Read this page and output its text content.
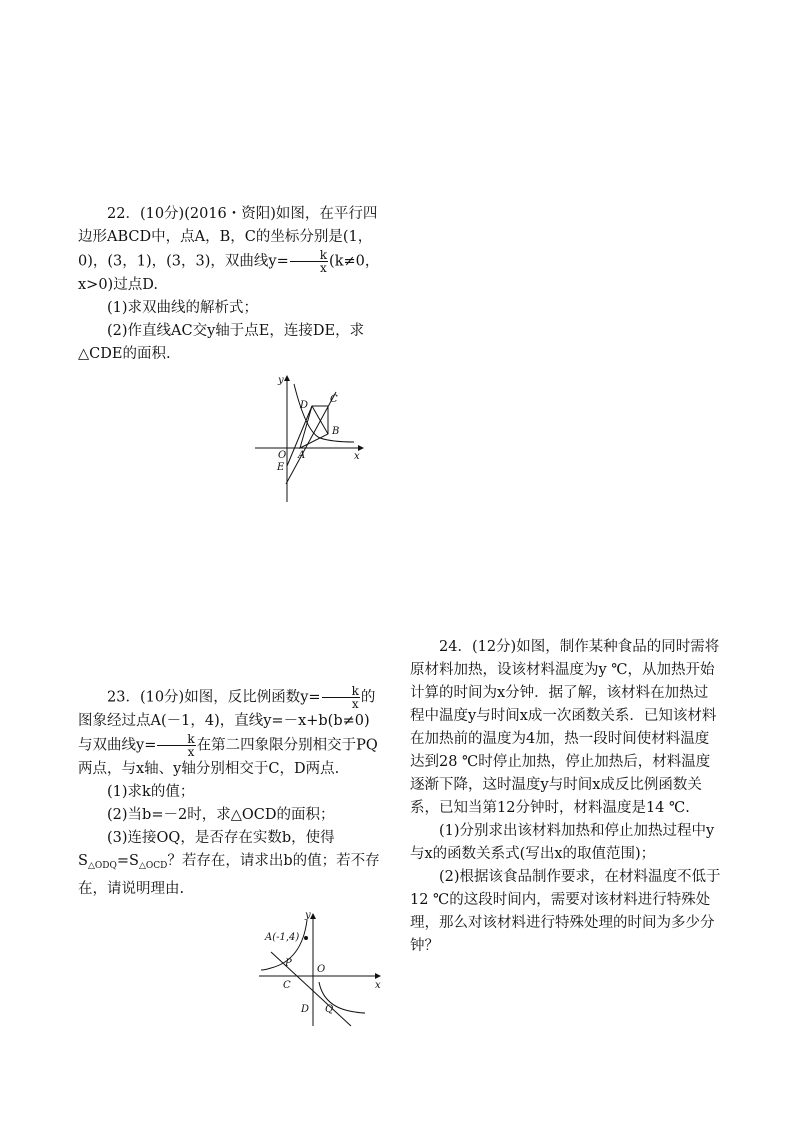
22．(10分)(2016・资阳)如图，在平行四边形ABCD中，点A，B，C的坐标分别是(1，0)，(3，1)，(3，3)，双曲线$y= \frac{k}{x} (k\ne 0$，x>0)过点D.

(1)求双曲线的解析式；

(2)作直线AC交y轴于点E，连接DE，求△CDE的面积.

y
x
O A
B
C
D
E

23．(10分)如图，反比例函数$y= \frac{k}{x}$ 的图象经过点A(－1，4)，直线y=－x+b(b≠0)与双曲线$y= \frac{k}{x}$ 在第二四象限分别相交于PQ两点，与x轴、y轴分别相交于C，D两点.

(1)求k的值；

(2)当b=－2时，求△OCD的面积；

(3)连接OQ，是否存在实数b，使得$S_{\triangle ODQ}=S_{\triangle OCD}$？若存在，请求出b的值；若不存在，请说明理由.

y
x
A(-1,4)
P
O
C
D Q

24．(12分)如图，制作某种食品的同时需将原材料加热，设该材料温度为y ℃，从加热开始计算的时间为x分钟．据了解，该材料在加热过程中温度y与时间x成一次函数关系．已知该材料在加热前的温度为4加，热一段时间使材料温度达到28 ℃时停止加热，停止加热后，材料温度逐渐下降，这时温度y与时间x成反比例函数关系，已知当第12分钟时，材料温度是14 ℃.

(1)分别求出该材料加热和停止加热过程中y与x的函数关系式(写出x的取值范围)；

(2)根据该食品制作要求，在材料温度不低于12 ℃的这段时间内，需要对该材料进行特殊处理，那么对该材料进行特殊处理的时间为多少分钟？
